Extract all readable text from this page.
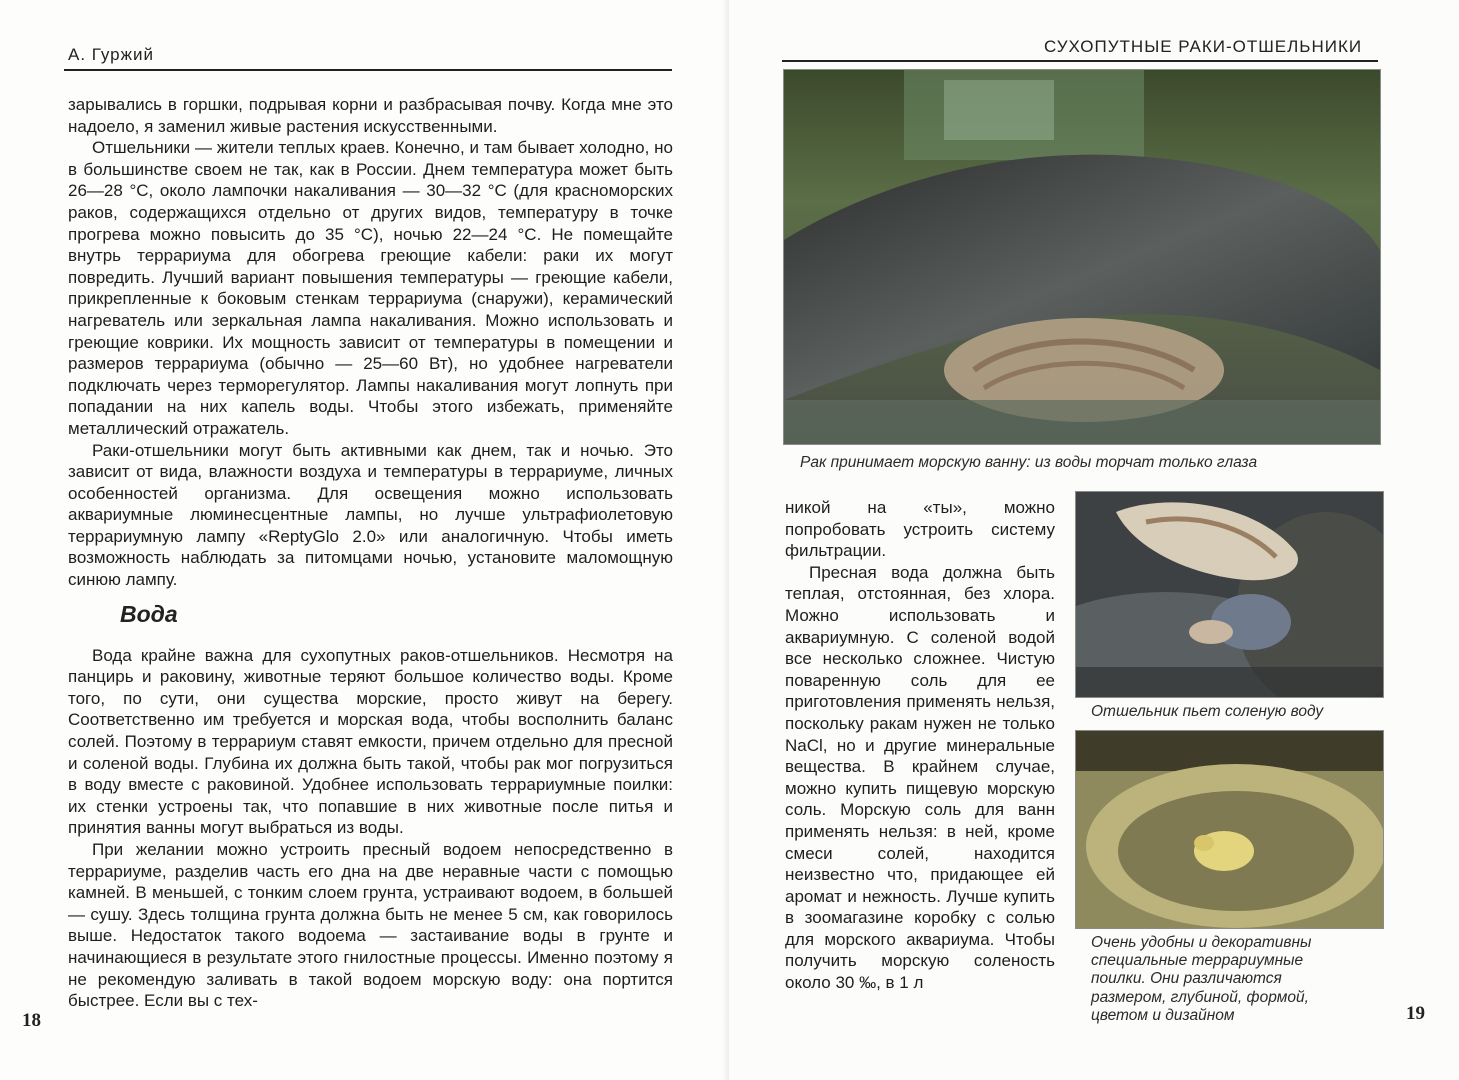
А. Гуржий

зарывались в горшки, подрывая корни и разбрасывая почву. Когда мне это надоело, я заменил живые растения искусственными.

Отшельники — жители теплых краев. Конечно, и там бывает холодно, но в большинстве своем не так, как в России. Днем температура может быть 26—28 °С, около лампочки накаливания — 30—32 °С (для красноморских раков, содержащихся отдельно от других видов, температуру в точке прогрева можно повысить до 35 °С), ночью 22—24 °С. Не помещайте внутрь террариума для обогрева греющие кабели: раки их могут повредить. Лучший вариант повышения температуры — греющие кабели, прикрепленные к боковым стенкам террариума (снаружи), керамический нагреватель или зеркальная лампа накаливания. Можно использовать и греющие коврики. Их мощность зависит от температуры в помещении и размеров террариума (обычно — 25—60 Вт), но удобнее нагреватели подключать через терморегулятор. Лампы накаливания могут лопнуть при попадании на них капель воды. Чтобы этого избежать, применяйте металлический отражатель.

Раки-отшельники могут быть активными как днем, так и ночью. Это зависит от вида, влажности воздуха и температуры в террариуме, личных особенностей организма. Для освещения можно использовать аквариумные люминесцентные лампы, но лучше ультрафиолетовую террариумную лампу «ReptyGlo 2.0» или аналогичную. Чтобы иметь возможность наблюдать за питомцами ночью, установите маломощную синюю лампу.

Вода

Вода крайне важна для сухопутных раков-отшельников. Несмотря на панцирь и раковину, животные теряют большое количество воды. Кроме того, по сути, они существа морские, просто живут на берегу. Соответственно им требуется и морская вода, чтобы восполнить баланс солей. Поэтому в террариум ставят емкости, причем отдельно для пресной и соленой воды. Глубина их должна быть такой, чтобы рак мог погрузиться в воду вместе с раковиной. Удобнее использовать террариумные поилки: их стенки устроены так, что попавшие в них животные после питья и принятия ванны могут выбраться из воды.

При желании можно устроить пресный водоем непосредственно в террариуме, разделив часть его дна на две неравные части с помощью камней. В меньшей, с тонким слоем грунта, устраивают водоем, в большей — сушу. Здесь толщина грунта должна быть не менее 5 см, как говорилось выше. Недостаток такого водоема — застаивание воды в грунте и начинающиеся в результате этого гнилостные процессы. Именно поэтому я не рекомендую заливать в такой водоем морскую воду: она портится быстрее. Если вы с тех-

18
СУХОПУТНЫЕ РАКИ-ОТШЕЛЬНИКИ
Рак принимает морскую ванну: из воды торчат только глаза

никой на «ты», можно попробовать устроить систему фильтрации.

Пресная вода должна быть теплая, отстоянная, без хлора. Можно использовать и аквариумную. С соленой водой все несколько сложнее. Чистую поваренную соль для ее приготовления применять нельзя, поскольку ракам нужен не только NaCl, но и другие минеральные вещества. В крайнем случае, можно купить пищевую морскую соль. Морскую соль для ванн применять нельзя: в ней, кроме смеси солей, находится неизвестно что, придающее ей аромат и нежность. Лучше купить в зоомагазине коробку с солью для морского аквариума. Чтобы получить морскую соленость около 30 ‰, в 1 л

Отшельник пьет соленую воду
Очень удобны и декоративны специальные террариумные поилки. Они различаются размером, глубиной, формой, цветом и дизайном	19
